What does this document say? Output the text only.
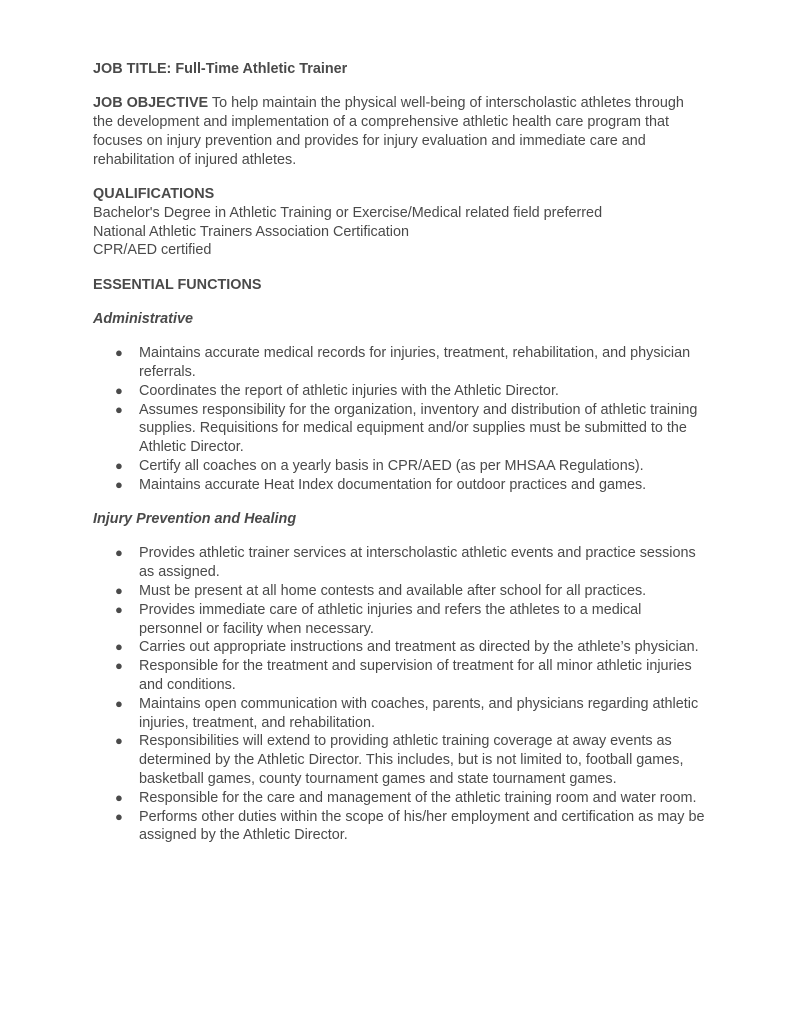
JOB TITLE: Full-Time Athletic Trainer

JOB OBJECTIVE To help maintain the physical well-being of interscholastic athletes through

the development and implementation of a comprehensive athletic health care program that

focuses on injury prevention and provides for injury evaluation and immediate care and

rehabilitation of injured athletes.

QUALIFICATIONS

Bachelor's Degree in Athletic Training or Exercise/Medical related field preferred

National Athletic Trainers Association Certification

CPR/AED certified

ESSENTIAL FUNCTIONS

Administrative

● Maintains accurate medical records for injuries, treatment, rehabilitation, and physician
referrals.
● Coordinates the report of athletic injuries with the Athletic Director.
● Assumes responsibility for the organization, inventory and distribution of athletic training
supplies. Requisitions for medical equipment and/or supplies must be submitted to the
Athletic Director.
● Certify all coaches on a yearly basis in CPR/AED (as per MHSAA Regulations).
● Maintains accurate Heat Index documentation for outdoor practices and games.

Injury Prevention and Healing

● Provides athletic trainer services at interscholastic athletic events and practice sessions
as assigned.
● Must be present at all home contests and available after school for all practices.
● Provides immediate care of athletic injuries and refers the athletes to a medical
personnel or facility when necessary.
● Carries out appropriate instructions and treatment as directed by the athlete’s physician.
● Responsible for the treatment and supervision of treatment for all minor athletic injuries
and conditions.
● Maintains open communication with coaches, parents, and physicians regarding athletic
injuries, treatment, and rehabilitation.
● Responsibilities will extend to providing athletic training coverage at away events as
determined by the Athletic Director. This includes, but is not limited to, football games,
basketball games, county tournament games and state tournament games.
● Responsible for the care and management of the athletic training room and water room.
● Performs other duties within the scope of his/her employment and certification as may be
assigned by the Athletic Director.
